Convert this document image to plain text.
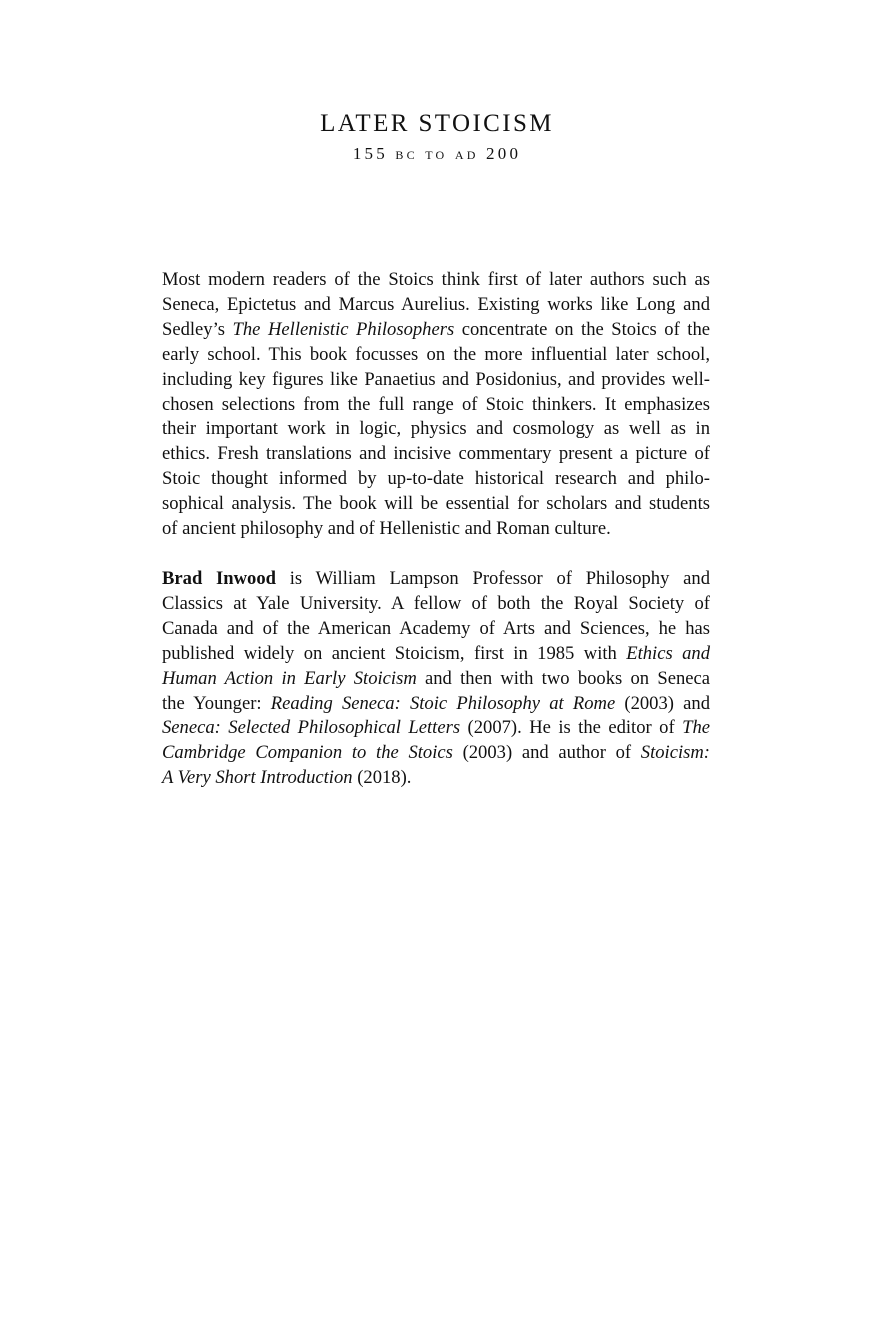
LATER STOICISM
155 bc to ad 200
Most modern readers of the Stoics think first of later authors such as
Seneca, Epictetus and Marcus Aurelius. Existing works like Long and
Sedley’s The Hellenistic Philosophers concentrate on the Stoics of the
early school. This book focusses on the more influential later school,
including key figures like Panaetius and Posidonius, and provides well-
chosen selections from the full range of Stoic thinkers. It emphasizes
their important work in logic, physics and cosmology as well as in
ethics. Fresh translations and incisive commentary present a picture of
Stoic thought informed by up-to-date historical research and philo-
sophical analysis. The book will be essential for scholars and students
of ancient philosophy and of Hellenistic and Roman culture.
Brad Inwood is William Lampson Professor of Philosophy and
Classics at Yale University. A fellow of both the Royal Society of
Canada and of the American Academy of Arts and Sciences, he has
published widely on ancient Stoicism, first in 1985 with Ethics and
Human Action in Early Stoicism and then with two books on Seneca
the Younger: Reading Seneca: Stoic Philosophy at Rome (2003) and
Seneca: Selected Philosophical Letters (2007). He is the editor of The
Cambridge Companion to the Stoics (2003) and author of Stoicism:
A Very Short Introduction (2018).
